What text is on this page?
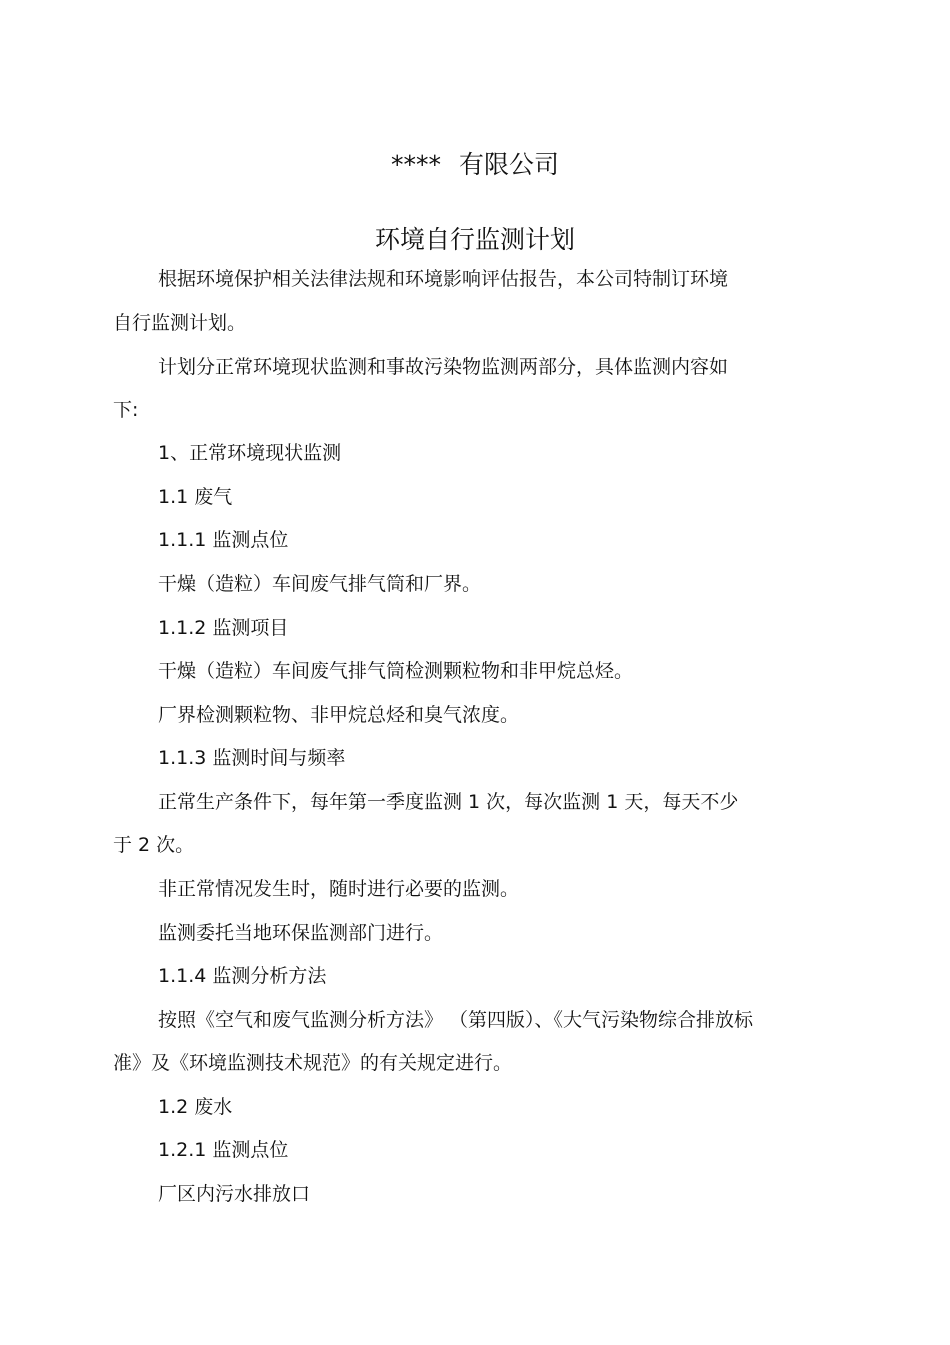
**** 有限公司
环境自行监测计划
根据环境保护相关法律法规和环境影响评估报告，本公司特制订环境
自行监测计划。
计划分正常环境现状监测和事故污染物监测两部分，具体监测内容如
下:
1、正常环境现状监测
1.1 废气
1.1.1 监测点位
干燥（造粒）车间废气排气筒和厂界。
1.1.2 监测项目
干燥（造粒）车间废气排气筒检测颗粒物和非甲烷总烃。
厂界检测颗粒物、非甲烷总烃和臭气浓度。
1.1.3 监测时间与频率
正常生产条件下，每年第一季度监测 1 次，每次监测 1 天，每天不少
于 2 次。
非正常情况发生时，随时进行必要的监测。
监测委托当地环保监测部门进行。
1.1.4 监测分析方法
按照《空气和废气监测分析方法》 （第四版）、《大气污染物综合排放标
准》及《环境监测技术规范》的有关规定进行。
1.2 废水
1.2.1 监测点位
厂区内污水排放口
